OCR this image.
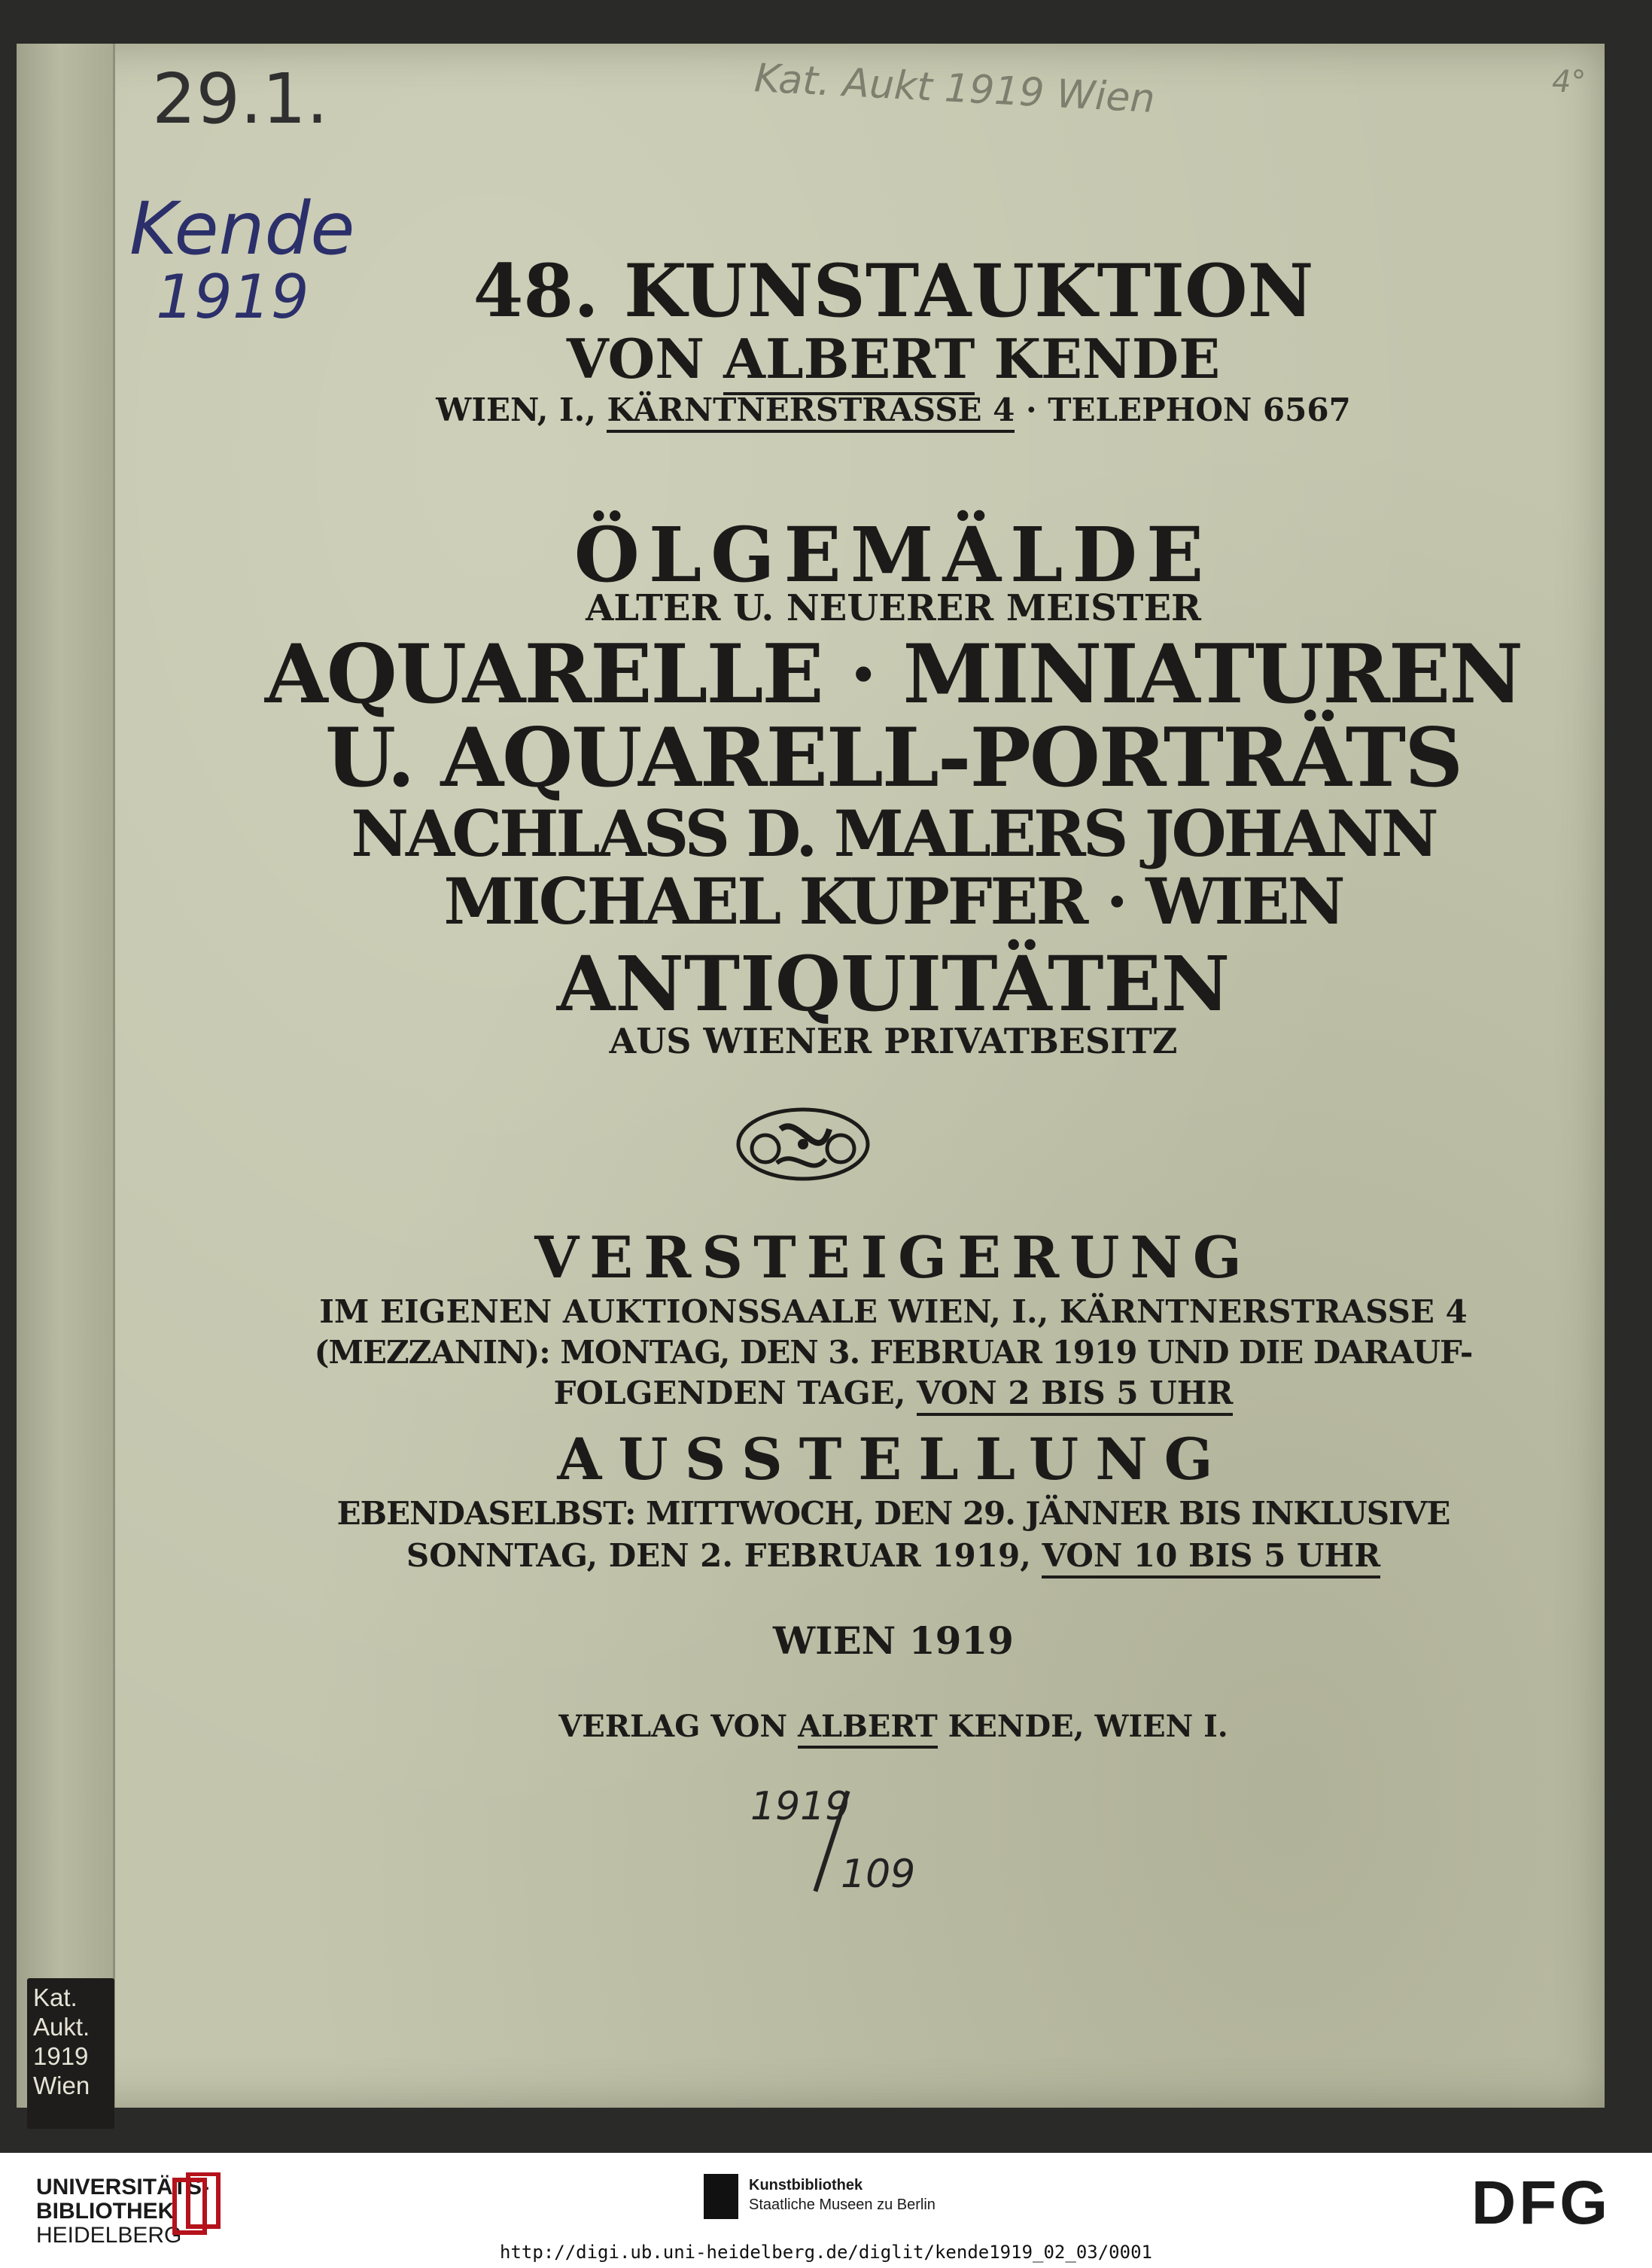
29.1.
Kende
1919
Kat. Aukt 1919 Wien	4°
48. KUNSTAUKTION
VON ALBERT KENDE
WIEN, I., KÄRNTNERSTRASSE 4 · TELEPHON 6567
ÖLGEMÄLDE
ALTER U. NEUERER MEISTER
AQUARELLE · MINIATUREN
U. AQUARELL-PORTRÄTS
NACHLASS D. MALERS JOHANN
MICHAEL KUPFER · WIEN
ANTIQUITÄTEN
AUS WIENER PRIVATBESITZ
VERSTEIGERUNG
IM EIGENEN AUKTIONSSAALE WIEN, I., KÄRNTNERSTRASSE 4
(MEZZANIN): MONTAG, DEN 3. FEBRUAR 1919 UND DIE DARAUF-
FOLGENDEN TAGE, VON 2 BIS 5 UHR
AUSSTELLUNG
EBENDASELBST: MITTWOCH, DEN 29. JÄNNER BIS INKLUSIVE
SONNTAG, DEN 2. FEBRUAR 1919, VON 10 BIS 5 UHR
WIEN 1919
VERLAG VON ALBERT KENDE, WIEN I.
1919
109
Kat.
Aukt.
1919
Wien
UNIVERSITÄTS-
BIBLIOTHEK
HEIDELBERG
Kunstbibliothek
Staatliche Museen zu Berlin	DFG
http://digi.ub.uni-heidelberg.de/diglit/kende1919_02_03/0001
